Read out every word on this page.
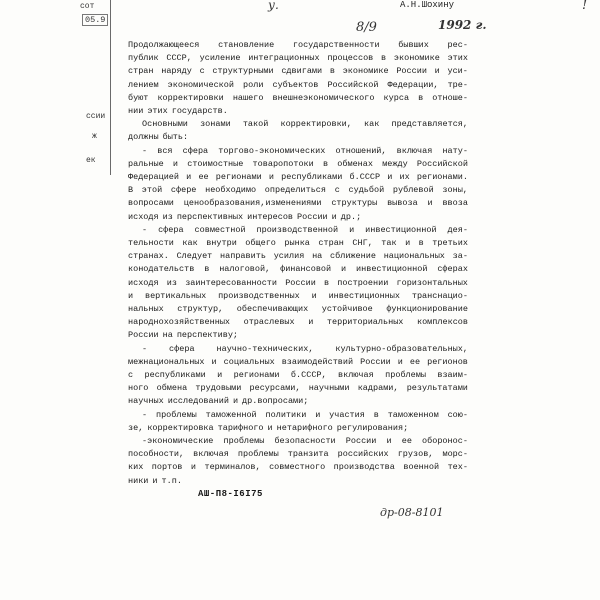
сот

05.9

ссии

ж

ек

у.	А.Н.Шохину	!

8/9	1992 г.

Продолжающееся становление государственности бывших рес-
публик СССР, усиление интеграционных процессов в экономике этих
стран наряду с структурными сдвигами в экономике России и уси-
лением экономической роли субъектов Российской Федерации, тре-
буют корректировки нашего внешнеэкономического курса в отноше-
нии этих государств.
Основными зонами такой корректировки, как представляется,
должны быть:
- вся сфера торгово-экономических отношений, включая нату-
ральные и стоимостные товаропотоки в обменах между Российской
Федерацией и ее регионами и республиками б.СССР и их регионами.
В этой сфере необходимо определиться с судьбой рублевой зоны,
вопросами ценообразования,изменениями структуры вывоза и ввоза
исходя из перспективных интересов России и др.;
- сфера совместной производственной и инвестиционной дея-
тельности как внутри общего рынка стран СНГ, так и в третьих
странах. Следует направить усилия на сближение национальных за-
конодательств в налоговой, финансовой и инвестиционной сферах
исходя из заинтересованности России в построении горизонтальных
и вертикальных производственных и инвестиционных транснацио-
нальных структур, обеспечивающих устойчивое функционирование
народнохозяйственных отраслевых и территориальных комплексов
России на перспективу;
-	сфера	научно-технических,	культурно-образовательных,
межнациональных и социальных взаимодействий России и ее регионов
с республиками и регионами б.СССР, включая проблемы взаим-
ного обмена трудовыми ресурсами, научными кадрами, результатами
научных исследований и др.вопросами;
- проблемы таможенной политики и участия в таможенном сою-
зе, корректировка тарифного и нетарифного регулирования;
-экономические проблемы безопасности России и ее обороноc-
пособности, включая проблемы транзита российских грузов, морс-
ких портов и терминалов, совместного производства военной тех-
ники и т.п.

АШ-П8-I6I75

др-08-8101
